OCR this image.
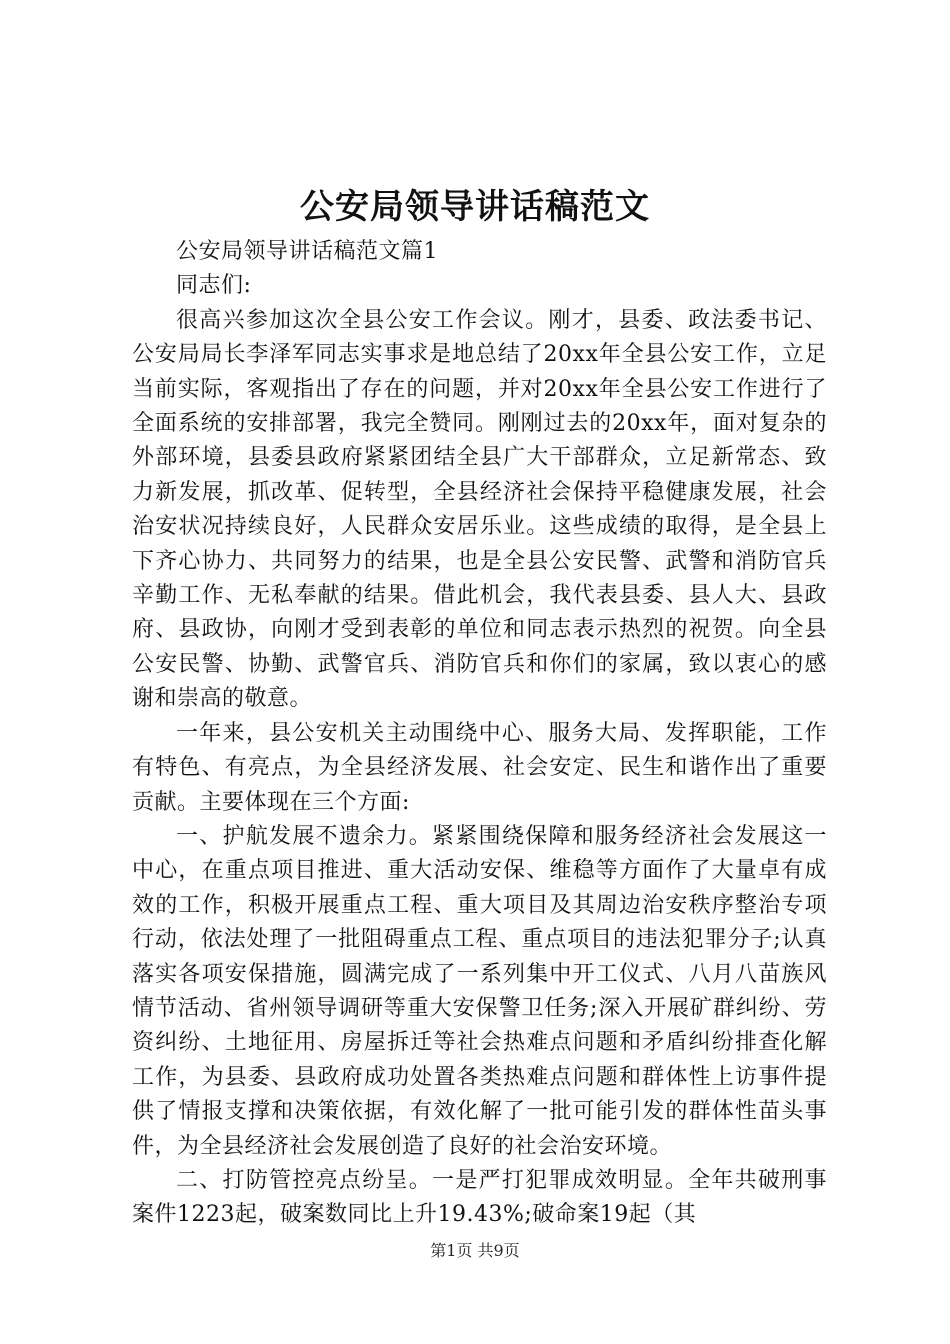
公安局领导讲话稿范文

公安局领导讲话稿范文篇1

同志们:

很高兴参加这次全县公安工作会议。刚才，县委、政法委书记、公安局局长李泽军同志实事求是地总结了20xx年全县公安工作，立足当前实际，客观指出了存在的问题，并对20xx年全县公安工作进行了全面系统的安排部署，我完全赞同。刚刚过去的20xx年，面对复杂的外部环境，县委县政府紧紧团结全县广大干部群众，立足新常态、致力新发展，抓改革、促转型，全县经济社会保持平稳健康发展，社会治安状况持续良好，人民群众安居乐业。这些成绩的取得，是全县上下齐心协力、共同努力的结果，也是全县公安民警、武警和消防官兵辛勤工作、无私奉献的结果。借此机会，我代表县委、县人大、县政府、县政协，向刚才受到表彰的单位和同志表示热烈的祝贺。向全县公安民警、协勤、武警官兵、消防官兵和你们的家属，致以衷心的感谢和崇高的敬意。

一年来，县公安机关主动围绕中心、服务大局、发挥职能，工作有特色、有亮点，为全县经济发展、社会安定、民生和谐作出了重要贡献。主要体现在三个方面:

一、护航发展不遗余力。紧紧围绕保障和服务经济社会发展这一中心，在重点项目推进、重大活动安保、维稳等方面作了大量卓有成效的工作，积极开展重点工程、重大项目及其周边治安秩序整治专项行动，依法处理了一批阻碍重点工程、重点项目的违法犯罪分子;认真落实各项安保措施，圆满完成了一系列集中开工仪式、八月八苗族风情节活动、省州领导调研等重大安保警卫任务;深入开展矿群纠纷、劳资纠纷、土地征用、房屋拆迁等社会热难点问题和矛盾纠纷排查化解工作，为县委、县政府成功处置各类热难点问题和群体性上访事件提供了情报支撑和决策依据，有效化解了一批可能引发的群体性苗头事件，为全县经济社会发展创造了良好的社会治安环境。

二、打防管控亮点纷呈。一是严打犯罪成效明显。全年共破刑事案件1223起，破案数同比上升19.43%;破命案19起（其

第1页 共9页
